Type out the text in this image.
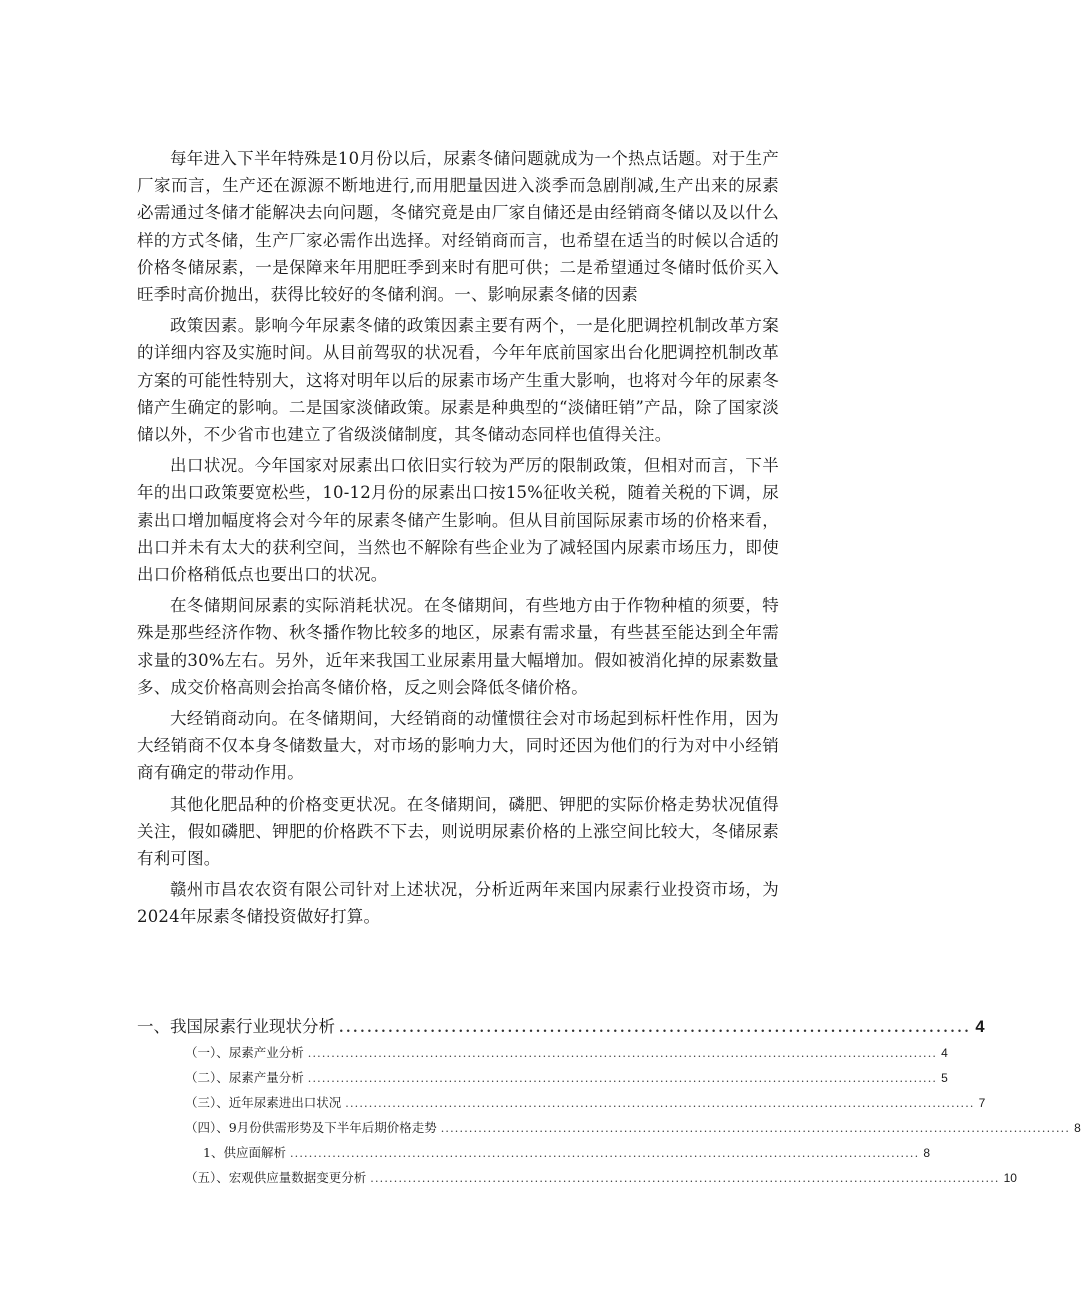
每年进入下半年特殊是10月份以后，尿素冬储问题就成为一个热点话题。对于生产厂家而言，生产还在源源不断地进行,而用肥量因进入淡季而急剧削减,生产出来的尿素必需通过冬储才能解决去向问题，冬储究竟是由厂家自储还是由经销商冬储以及以什么样的方式冬储，生产厂家必需作出选择。对经销商而言，也希望在适当的时候以合适的价格冬储尿素，一是保障来年用肥旺季到来时有肥可供；二是希望通过冬储时低价买入旺季时高价抛出，获得比较好的冬储利润。一、影响尿素冬储的因素

政策因素。影响今年尿素冬储的政策因素主要有两个，一是化肥调控机制改革方案的详细内容及实施时间。从目前驾驭的状况看，今年年底前国家出台化肥调控机制改革方案的可能性特别大，这将对明年以后的尿素市场产生重大影响，也将对今年的尿素冬储产生确定的影响。二是国家淡储政策。尿素是种典型的“淡储旺销”产品，除了国家淡储以外，不少省市也建立了省级淡储制度，其冬储动态同样也值得关注。

出口状况。今年国家对尿素出口依旧实行较为严厉的限制政策，但相对而言，下半年的出口政策要宽松些，10-12月份的尿素出口按15%征收关税，随着关税的下调，尿素出口增加幅度将会对今年的尿素冬储产生影响。但从目前国际尿素市场的价格来看，出口并未有太大的获利空间，当然也不解除有些企业为了减轻国内尿素市场压力，即使出口价格稍低点也要出口的状况。

在冬储期间尿素的实际消耗状况。在冬储期间，有些地方由于作物种植的须要，特殊是那些经济作物、秋冬播作物比较多的地区，尿素有需求量，有些甚至能达到全年需求量的30%左右。另外，近年来我国工业尿素用量大幅增加。假如被消化掉的尿素数量多、成交价格高则会抬高冬储价格，反之则会降低冬储价格。

大经销商动向。在冬储期间，大经销商的动懂惯往会对市场起到标杆性作用，因为大经销商不仅本身冬储数量大，对市场的影响力大，同时还因为他们的行为对中小经销商有确定的带动作用。

其他化肥品种的价格变更状况。在冬储期间，磷肥、钾肥的实际价格走势状况值得关注，假如磷肥、钾肥的价格跌不下去，则说明尿素价格的上涨空间比较大，冬储尿素有利可图。

赣州市昌农农资有限公司针对上述状况，分析近两年来国内尿素行业投资市场，为2024年尿素冬储投资做好打算。

一、我国尿素行业现状分析 .......................................................................................... 4
（一）、尿素产业分析 ...................................................................................................................................... 4
（二）、尿素产量分析 ...................................................................................................................................... 5
（三）、近年尿素进出口状况 ...................................................................................................................................... 7
（四）、9月份供需形势及下半年后期价格走势 ...................................................................................................................................... 8
1、供应面解析 ...................................................................................................................................... 8
（五）、宏观供应量数据变更分析 ...................................................................................................................................... 10
